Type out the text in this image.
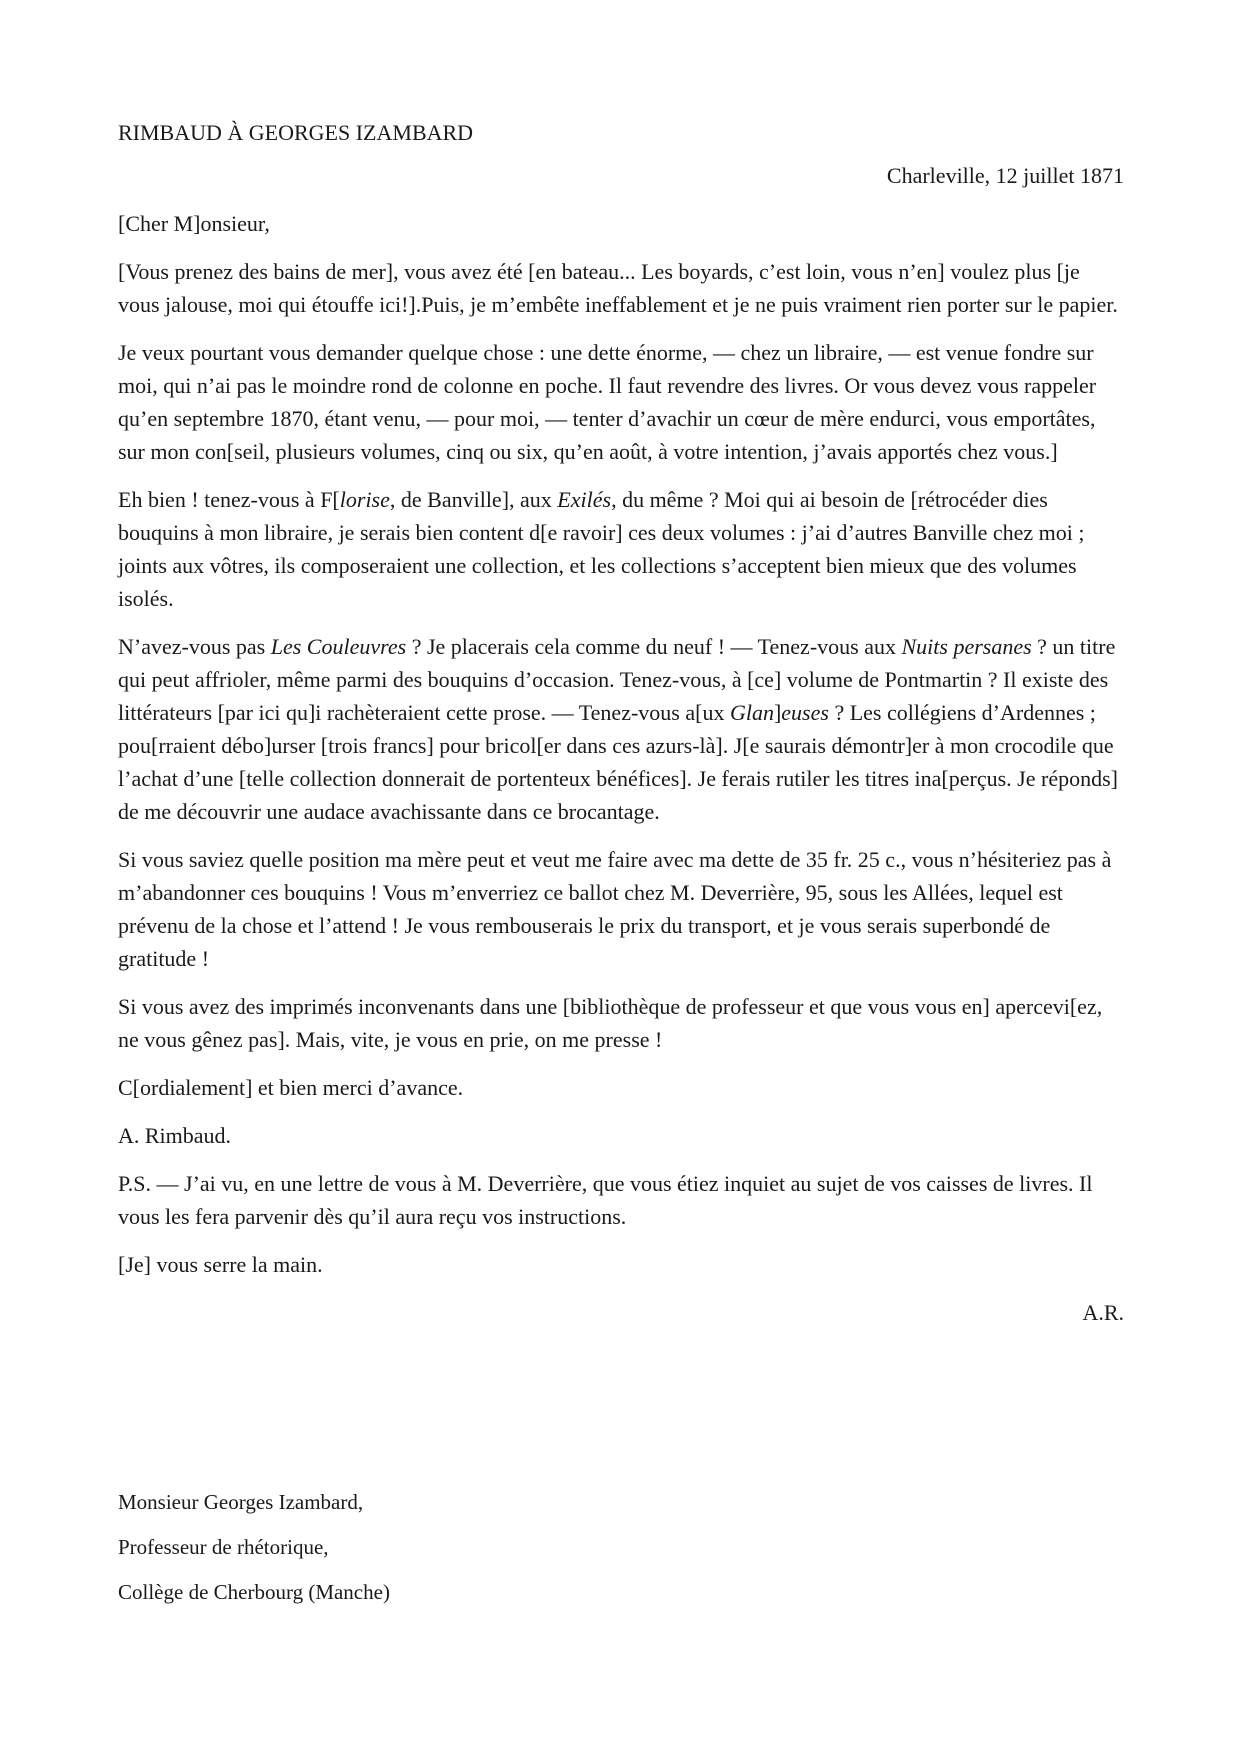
RIMBAUD À GEORGES IZAMBARD

Charleville, 12 juillet 1871

[Cher M]onsieur,

[Vous prenez des bains de mer], vous avez été [en bateau... Les boyards, c’est loin, vous n’en] voulez plus [je vous jalouse, moi qui étouffe ici!].Puis, je m’embête ineffablement et je ne puis vraiment rien porter sur le papier.

Je veux pourtant vous demander quelque chose : une dette énorme, — chez un libraire, — est venue fondre sur moi, qui n’ai pas le moindre rond de colonne en poche. Il faut revendre des livres. Or vous devez vous rappeler qu’en septembre 1870, étant venu, — pour moi, — tenter d’avachir un cœur de mère endurci, vous emportâtes, sur mon con[seil, plusieurs volumes, cinq ou six, qu’en août, à votre intention, j’avais apportés chez vous.]

Eh bien ! tenez-vous à F[lorise, de Banville], aux Exilés, du même ? Moi qui ai besoin de [rétrocéder dies bouquins à mon libraire, je serais bien content d[e ravoir] ces deux volumes : j’ai d’autres Banville chez moi ; joints aux vôtres, ils composeraient une collection, et les collections s’acceptent bien mieux que des volumes isolés.

N’avez-vous pas Les Couleuvres ? Je placerais cela comme du neuf ! — Tenez-vous aux Nuits persanes ? un titre qui peut affrioler, même parmi des bouquins d’occasion. Tenez-vous, à [ce] volume de Pontmartin ? Il existe des littérateurs [par ici qu]i rachèteraient cette prose. — Tenez-vous a[ux Glan]euses ? Les collégiens d’Ardennes ; pou[rraient débo]urser [trois francs] pour bricol[er dans ces azurs-là]. J[e saurais démontr]er à mon crocodile que l’achat d’une [telle collection donnerait de portenteux bénéfices]. Je ferais rutiler les titres ina[perçus. Je réponds] de me découvrir une audace avachissante dans ce brocantage.

Si vous saviez quelle position ma mère peut et veut me faire avec ma dette de 35 fr. 25 c., vous n’hésiteriez pas à m’abandonner ces bouquins ! Vous m’enverriez ce ballot chez M. Deverrière, 95, sous les Allées, lequel est prévenu de la chose et l’attend ! Je vous rembouserais le prix du transport, et je vous serais superbondé de gratitude !

Si vous avez des imprimés inconvenants dans une [bibliothèque de professeur et que vous vous en] apercevi[ez, ne vous gênez pas]. Mais, vite, je vous en prie, on me presse !

C[ordialement] et bien merci d’avance.

A. Rimbaud.

P.S. — J’ai vu, en une lettre de vous à M. Deverrière, que vous étiez inquiet au sujet de vos caisses de livres. Il vous les fera parvenir dès qu’il aura reçu vos instructions.

[Je] vous serre la main.

A.R.

Monsieur Georges Izambard,

Professeur de rhétorique,

Collège de Cherbourg (Manche)
